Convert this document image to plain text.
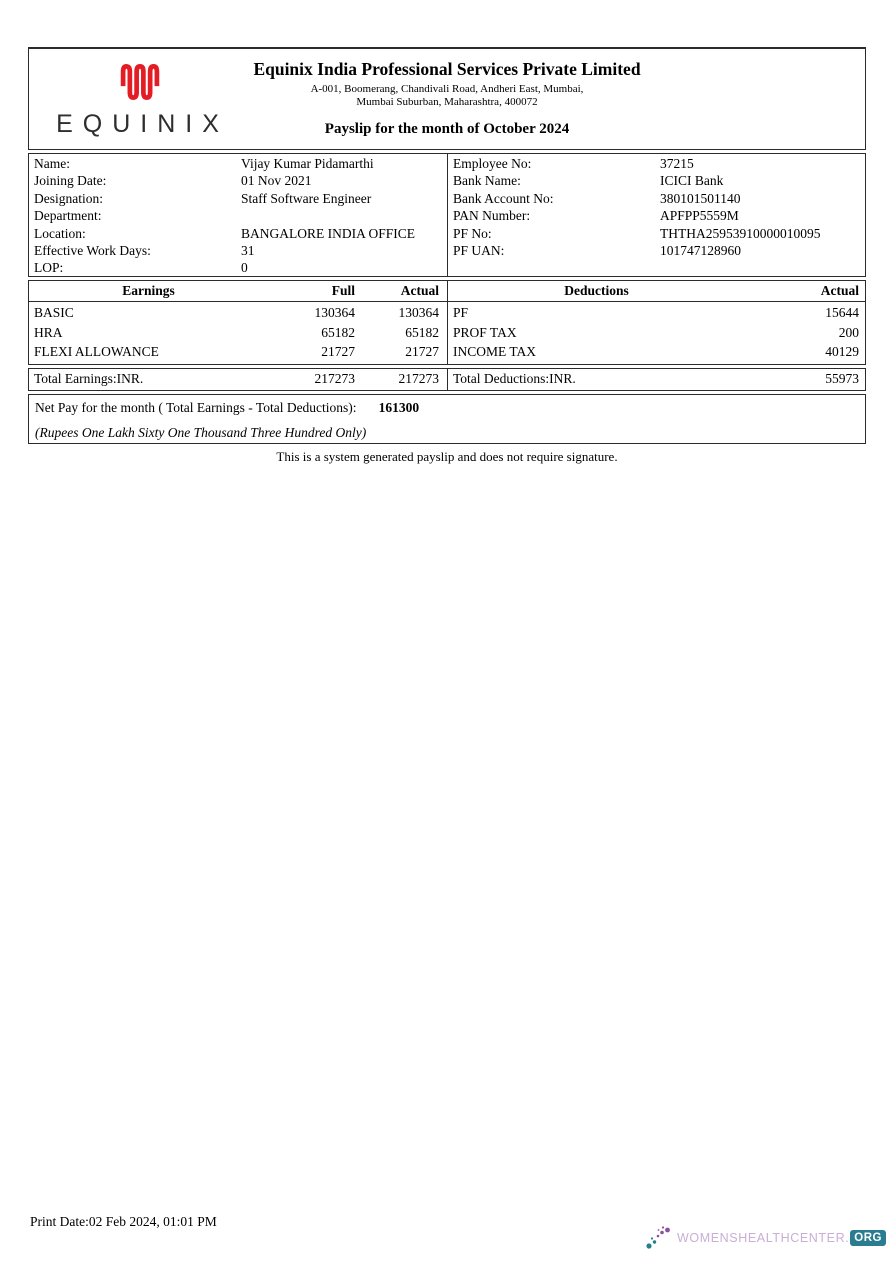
EQUINIX
Equinix India Professional Services Private Limited
A-001, Boomerang, Chandivali Road, Andheri East, Mumbai,
Mumbai Suburban, Maharashtra, 400072
Payslip for the month of October 2024
Name:	Vijay Kumar Pidamarthi
Joining Date:	01 Nov 2021
Designation:	Staff Software Engineer
Department:
Location:	BANGALORE INDIA OFFICE
Effective Work Days:	31
LOP:	0
Employee No:	37215
Bank Name:	ICICI Bank
Bank Account No:	380101501140
PAN Number:	APFPP5559M
PF No:	THTHA25953910000010095
PF UAN:	101747128960
Earnings	Full	Actual
BASIC	130364	130364
HRA	65182	65182
FLEXI ALLOWANCE	21727	21727
Deductions	Actual
PF	15644
PROF TAX	200
INCOME TAX	40129
Total Earnings:INR.	217273	217273	Total Deductions:INR.	55973
Net Pay for the month ( Total Earnings - Total Deductions): 161300
(Rupees One Lakh Sixty One Thousand Three Hundred Only)
This is a system generated payslip and does not require signature.
Print Date:02 Feb 2024, 01:01 PM
WOMENSHEALTHCENTER. ORG
